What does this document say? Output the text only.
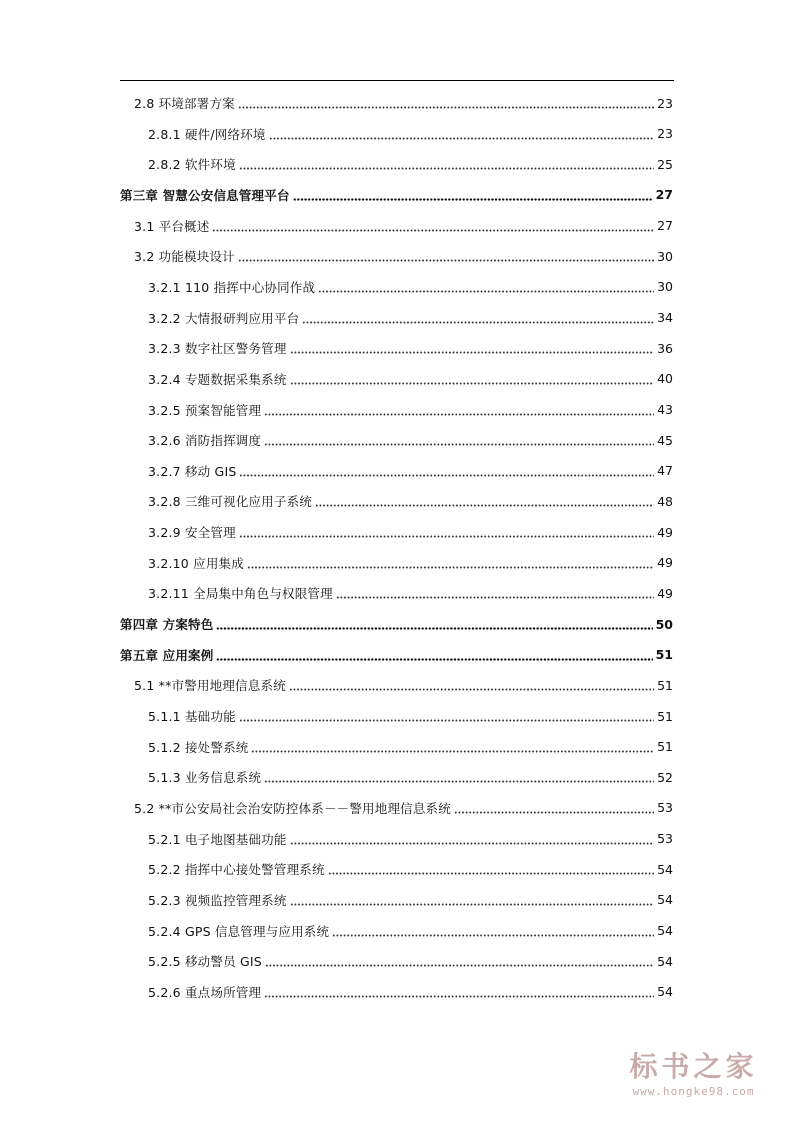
2.8 环境部署方案	23
2.8.1 硬件/网络环境	23
2.8.2 软件环境	25
第三章 智慧公安信息管理平台	27
3.1 平台概述	27
3.2 功能模块设计	30
3.2.1 110 指挥中心协同作战	30
3.2.2 大情报研判应用平台	34
3.2.3 数字社区警务管理	36
3.2.4 专题数据采集系统	40
3.2.5 预案智能管理	43
3.2.6 消防指挥调度	45
3.2.7 移动 GIS	47
3.2.8 三维可视化应用子系统	48
3.2.9 安全管理	49
3.2.10 应用集成	49
3.2.11 全局集中角色与权限管理	49
第四章 方案特色	50
第五章 应用案例	51
5.1 **市警用地理信息系统	51
5.1.1 基础功能	51
5.1.2 接处警系统	51
5.1.3 业务信息系统	52
5.2 **市公安局社会治安防控体系－－警用地理信息系统	53
5.2.1 电子地图基础功能	53
5.2.2 指挥中心接处警管理系统	54
5.2.3 视频监控管理系统	54
5.2.4 GPS 信息管理与应用系统	54
5.2.5 移动警员 GIS	54
5.2.6 重点场所管理	54
标书之家
www.hongke98.com
